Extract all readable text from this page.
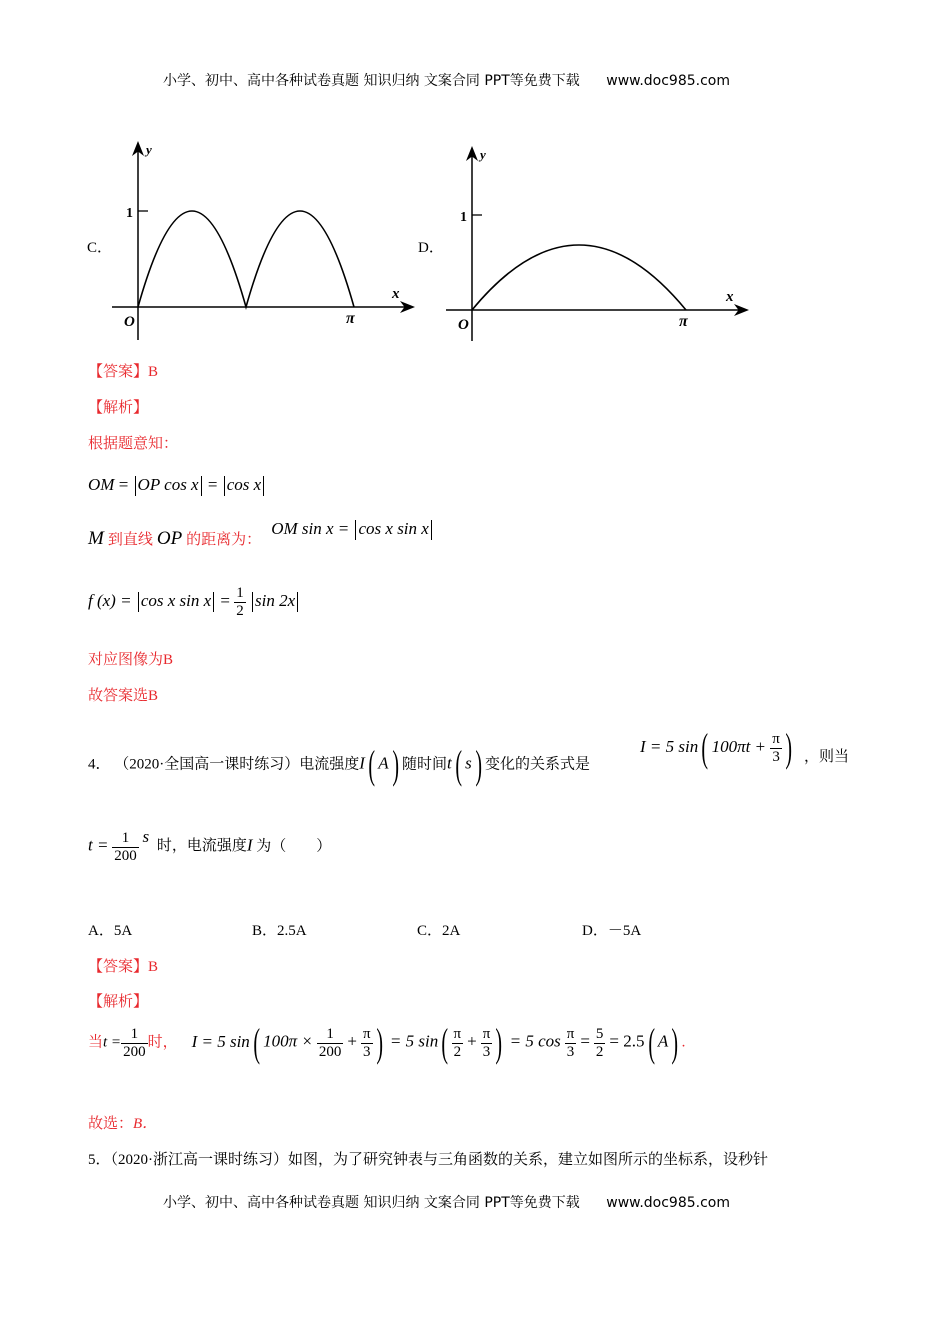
小学、初中、高中各种试卷真题 知识归纳 文案合同 PPT等免费下载 www.doc985.com
C．
y
x
1
O	π
D．
y
x
1
O	π
【答案】B
【解析】
根据题意知：
OM = OP cos x = cos x
M 到直线 OP 的距离为： OM sin x = cos x sin x
f (x) = cos x $\sin x = \frac{1}{2}$ sin 2x
对应图像为B
故答案选B
4． （2020·全国高一课时练习）电流强度I( A) 随时间t( s) 变化的关系式是
I = 5 sin( $100\pi t + \frac{\pi}{3}$ ) ，则当
$t = \frac{1}{200}$ s 时，电流强度I 为（　　）
A．5A	B．2.5A	C．2A	D．－5A
【答案】B
【解析】
当$t = \frac{1}{200}$ 时， I = 5 sin( $100\pi \times \frac{1}{200} + \frac{\pi}{3}$ ) = 5 $\sin( \frac{\pi}{2} + \frac{\pi}{3}$ ) = 5 $\cos \frac{\pi}{3} = \frac{5}{2} = 2.5$( A) .
故选：B．
5．（2020·浙江高一课时练习）如图，为了研究钟表与三角函数的关系，建立如图所示的坐标系，设秒针
小学、初中、高中各种试卷真题 知识归纳 文案合同 PPT等免费下载 www.doc985.com
